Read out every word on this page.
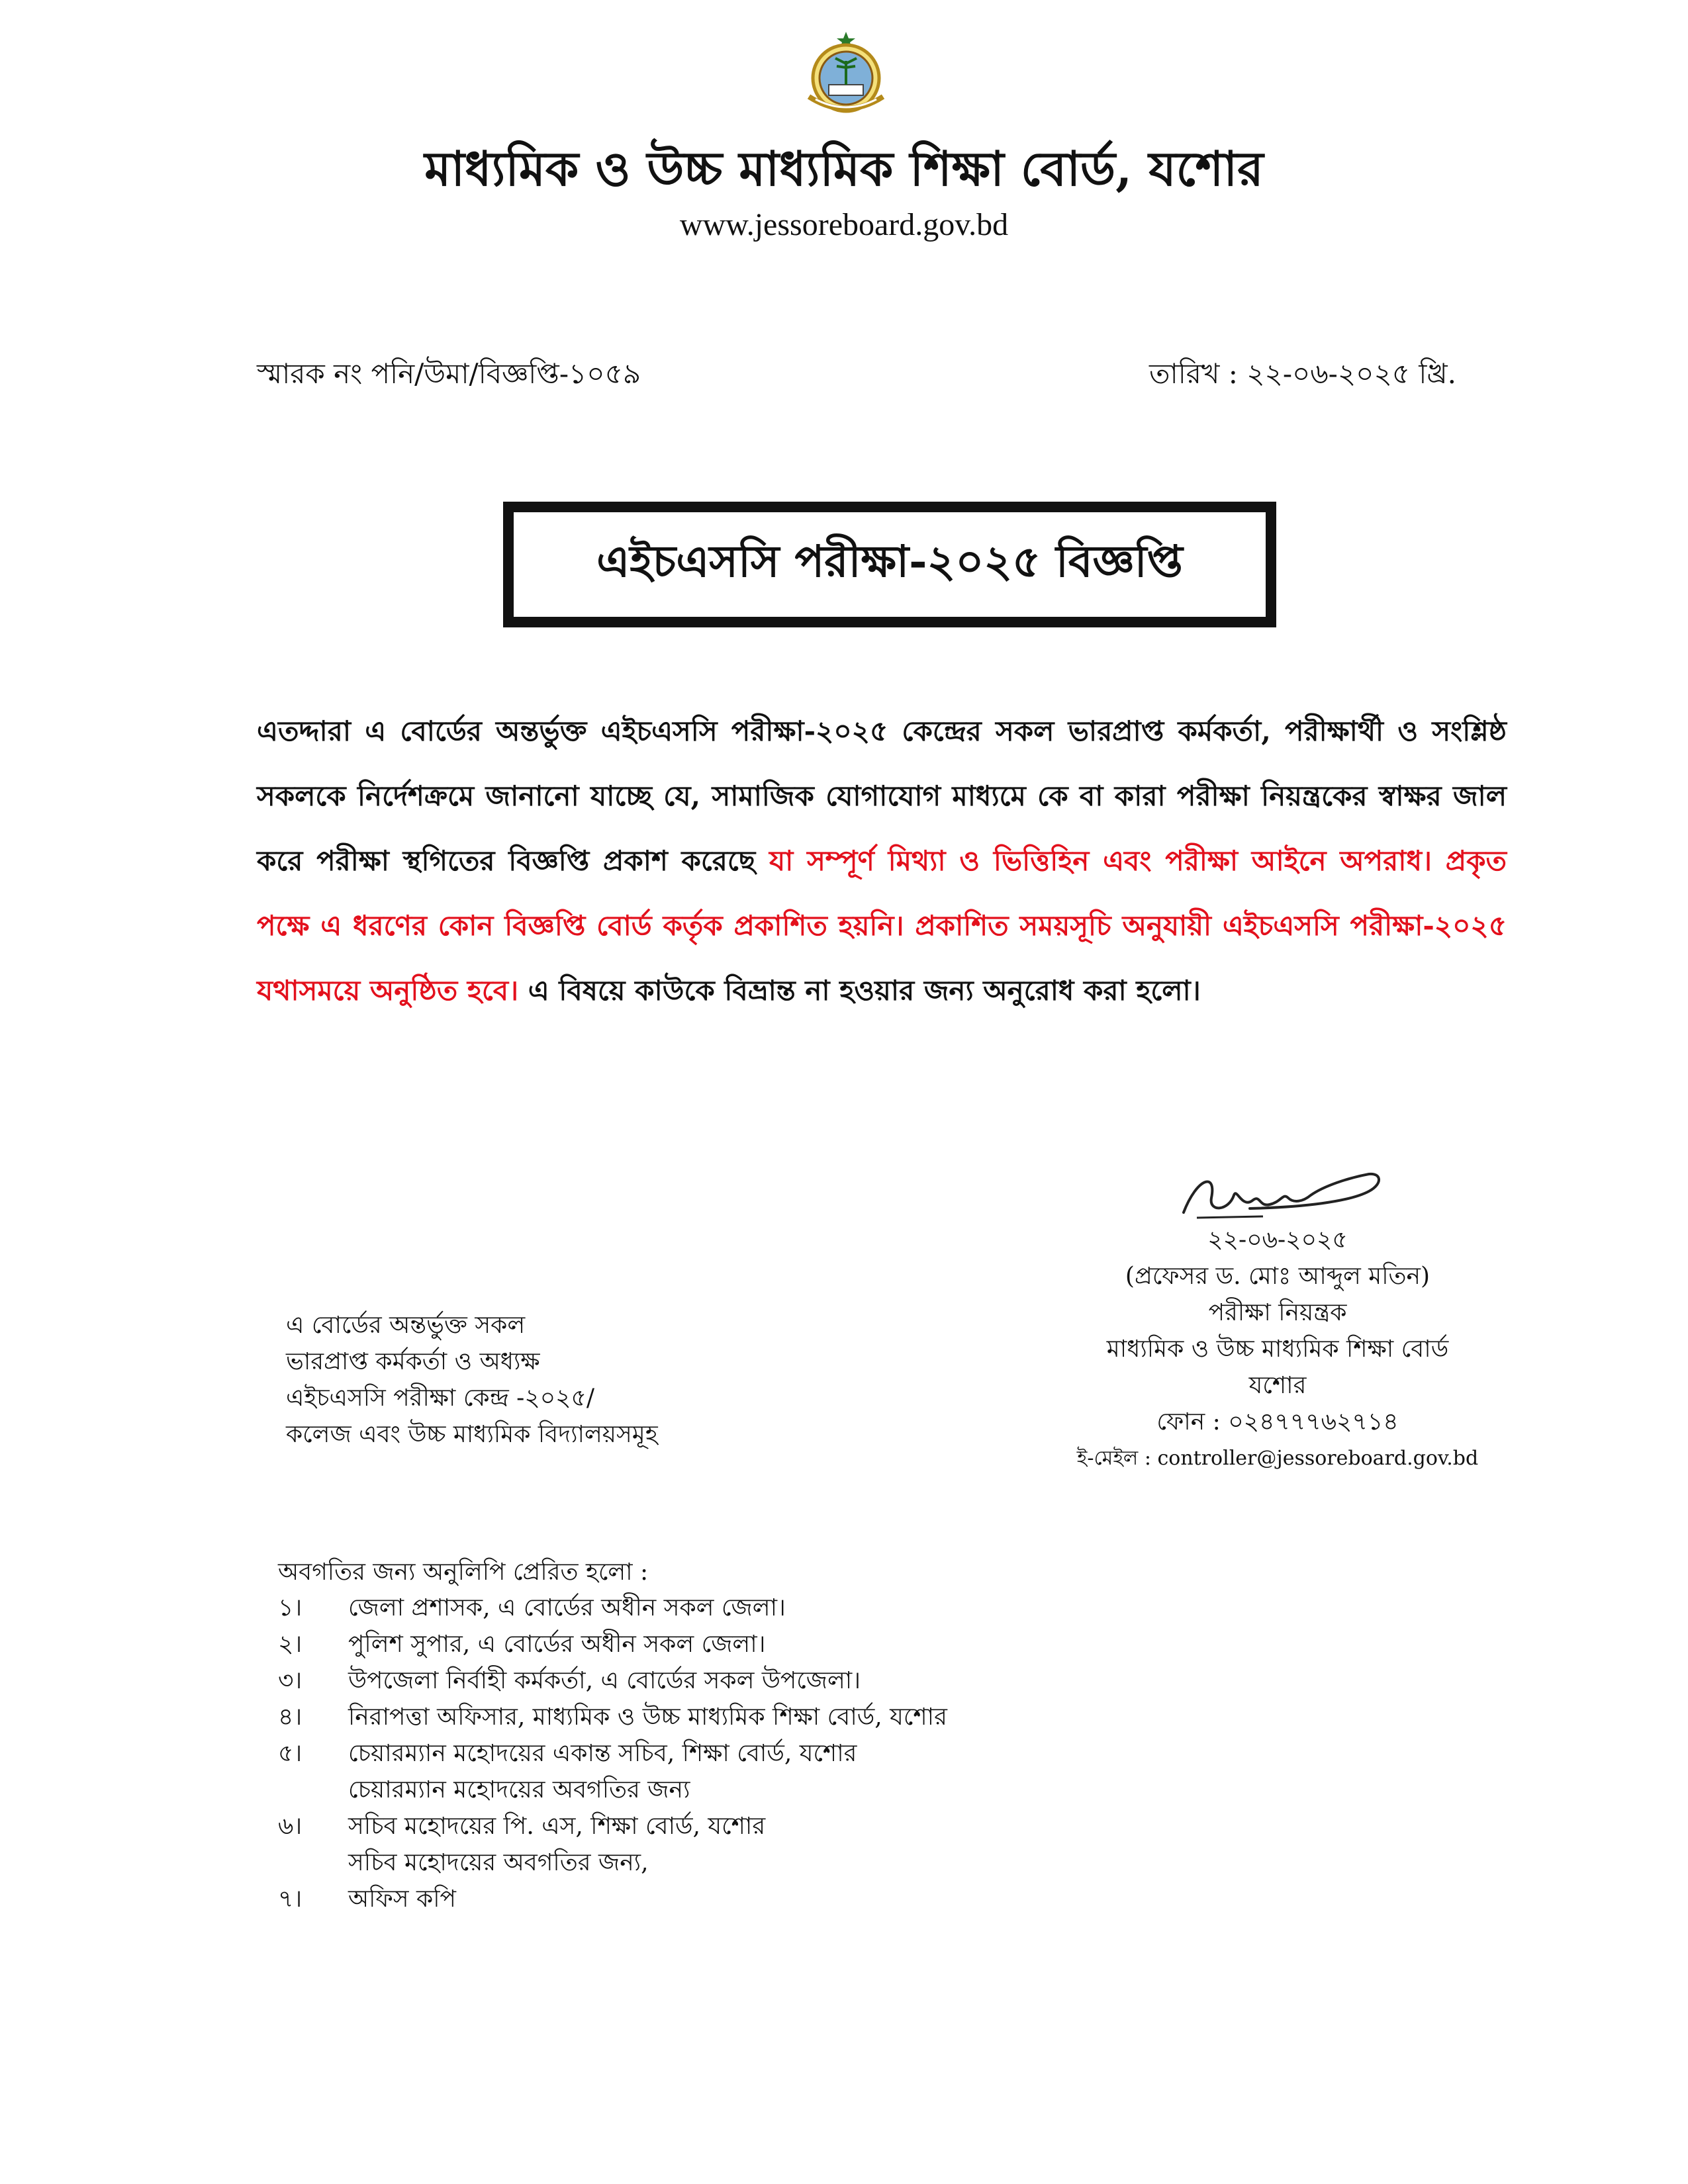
মাধ্যমিক ও উচ্চ মাধ্যমিক শিক্ষা বোর্ড, যশোর
www.jessoreboard.gov.bd
স্মারক নং পনি/উমা/বিজ্ঞপ্তি-১০৫৯	তারিখ : ২২-০৬-২০২৫ খ্রি.
এইচএসসি পরীক্ষা-২০২৫ বিজ্ঞপ্তি
এতদ্দারা এ বোর্ডের অন্তর্ভুক্ত এইচএসসি পরীক্ষা-২০২৫ কেন্দ্রের সকল ভারপ্রাপ্ত কর্মকর্তা, পরীক্ষার্থী ও সংশ্লিষ্ঠ সকলকে নির্দেশক্রমে জানানো যাচ্ছে যে, সামাজিক যোগাযোগ মাধ্যমে কে বা কারা পরীক্ষা নিয়ন্ত্রকের স্বাক্ষর জাল করে পরীক্ষা স্থগিতের বিজ্ঞপ্তি প্রকাশ করেছে যা সম্পূর্ণ মিথ্যা ও ভিত্তিহিন এবং পরীক্ষা আইনে অপরাধ। প্রকৃত পক্ষে এ ধরণের কোন বিজ্ঞপ্তি বোর্ড কর্তৃক প্রকাশিত হয়নি। প্রকাশিত সময়সূচি অনুযায়ী এইচএসসি পরীক্ষা-২০২৫ যথাসময়ে অনুষ্ঠিত হবে। এ বিষয়ে কাউকে বিভ্রান্ত না হওয়ার জন্য অনুরোধ করা হলো।
২২-০৬-২০২৫
(প্রফেসর ড. মোঃ আব্দুল মতিন)
পরীক্ষা নিয়ন্ত্রক
মাধ্যমিক ও উচ্চ মাধ্যমিক শিক্ষা বোর্ড
যশোর
ফোন : ০২৪৭৭৭৬২৭১৪
ই-মেইল : controller@jessoreboard.gov.bd
এ বোর্ডের অন্তর্ভুক্ত সকল
ভারপ্রাপ্ত কর্মকর্তা ও অধ্যক্ষ
এইচএসসি পরীক্ষা কেন্দ্র -২০২৫/
কলেজ এবং উচ্চ মাধ্যমিক বিদ্যালয়সমূহ
অবগতির জন্য অনুলিপি প্রেরিত হলো :
১।	জেলা প্রশাসক, এ বোর্ডের অধীন সকল জেলা।
২।	পুলিশ সুপার, এ বোর্ডের অধীন সকল জেলা।
৩।	উপজেলা নির্বাহী কর্মকর্তা, এ বোর্ডের সকল উপজেলা।
৪।	নিরাপত্তা অফিসার, মাধ্যমিক ও উচ্চ মাধ্যমিক শিক্ষা বোর্ড, যশোর
৫।	চেয়ারম্যান মহোদয়ের একান্ত সচিব, শিক্ষা বোর্ড, যশোর
চেয়ারম্যান মহোদয়ের অবগতির জন্য
৬।	সচিব মহোদয়ের পি. এস, শিক্ষা বোর্ড, যশোর
সচিব মহোদয়ের অবগতির জন্য,
৭।	অফিস কপি
